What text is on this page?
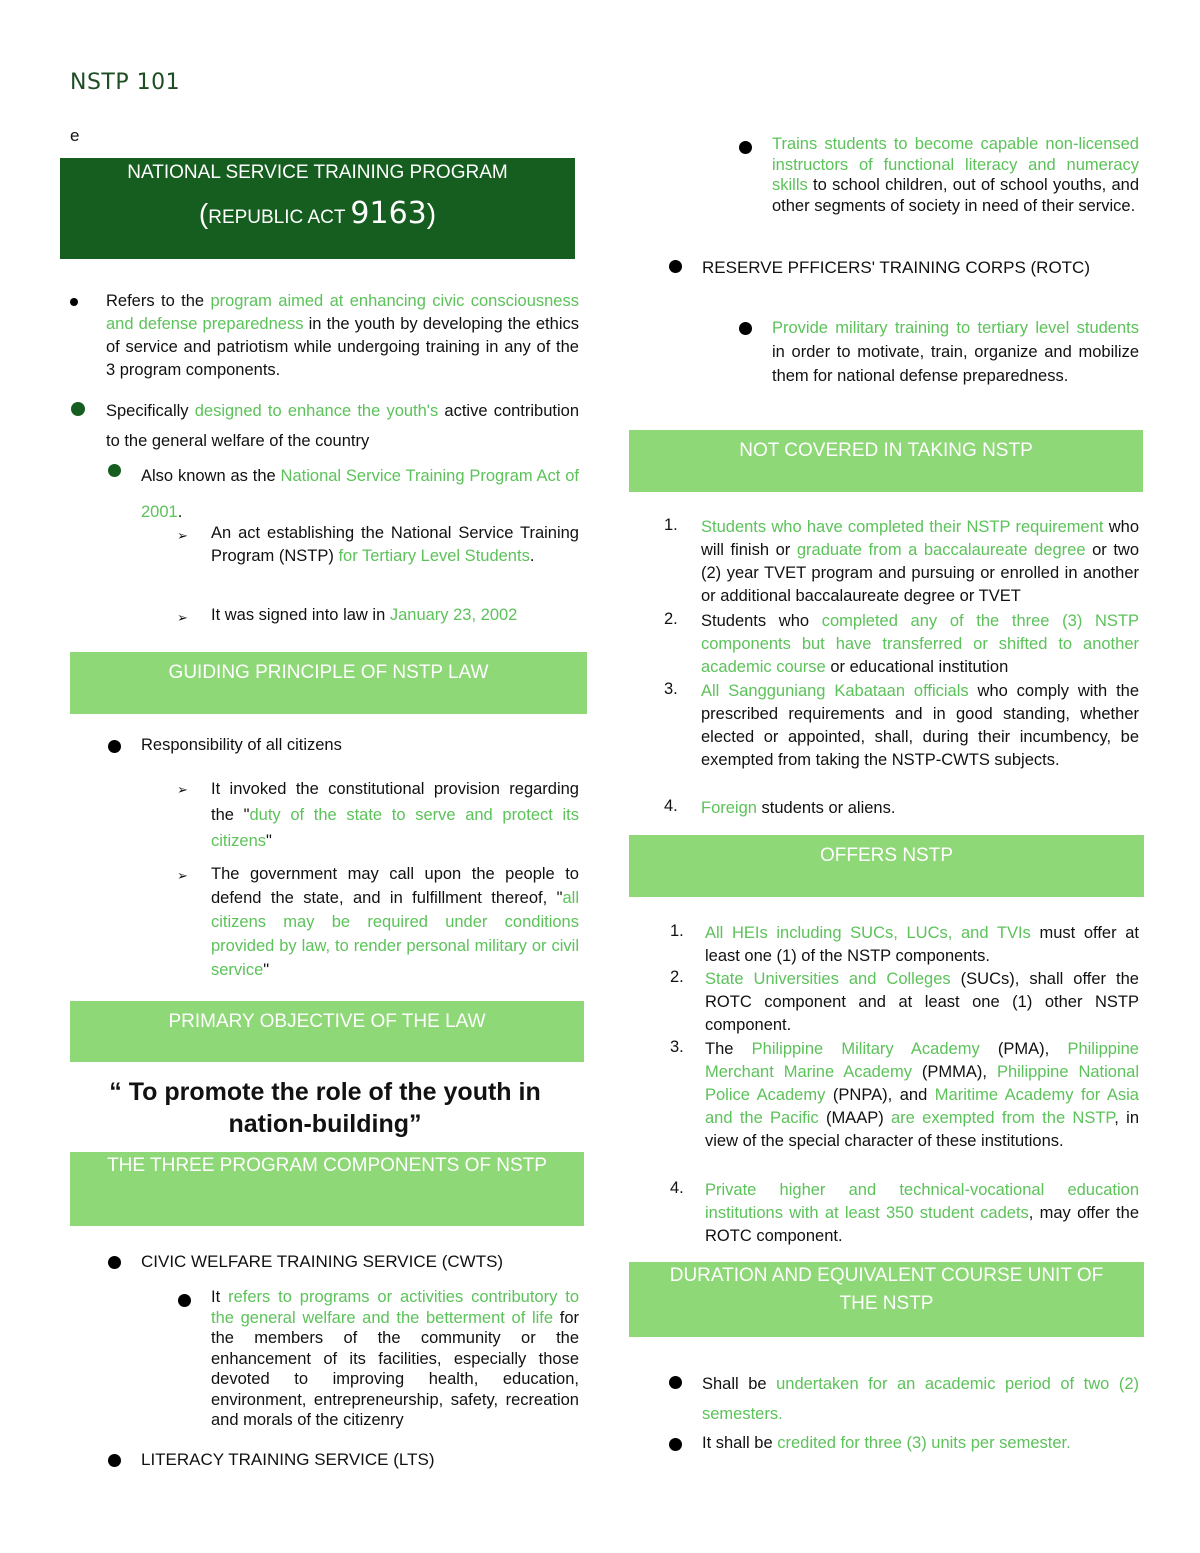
NSTP 101
e
NATIONAL SERVICE TRAINING PROGRAM
(REPUBLIC ACT 9163)
Refers to the program aimed at enhancing civic consciousness and defense preparedness in the youth by developing the ethics of service and patriotism while undergoing training in any of the 3 program components.
Specifically designed to enhance the youth's active contribution to the general welfare of the country
Also known as the National Service Training Program Act of 2001.
➢ An act establishing the National Service Training Program (NSTP) for Tertiary Level Students.
➢ It was signed into law in January 23, 2002
GUIDING PRINCIPLE OF NSTP LAW
Responsibility of all citizens
➢ It invoked the constitutional provision regarding the "duty of the state to serve and protect its citizens"
➢ The government may call upon the people to defend the state, and in fulfillment thereof, "all citizens may be required under conditions provided by law, to render personal military or civil service"
PRIMARY OBJECTIVE OF THE LAW
“ To promote the role of the youth in nation-building”
THE THREE PROGRAM COMPONENTS OF NSTP
CIVIC WELFARE TRAINING SERVICE (CWTS)
It refers to programs or activities contributory to the general welfare and the betterment of life for the members of the community or the enhancement of its facilities, especially those devoted to improving health, education, environment, entrepreneurship, safety, recreation and morals of the citizenry
LITERACY TRAINING SERVICE (LTS)
Trains students to become capable non-licensed instructors of functional literacy and numeracy skills to school children, out of school youths, and other segments of society in need of their service.
RESERVE PFFICERS' TRAINING CORPS (ROTC)
Provide military training to tertiary level students in order to motivate, train, organize and mobilize them for national defense preparedness.
NOT COVERED IN TAKING NSTP
1. Students who have completed their NSTP requirement who will finish or graduate from a baccalaureate degree or two (2) year TVET program and pursuing or enrolled in another or additional baccalaureate degree or TVET
2. Students who completed any of the three (3) NSTP components but have transferred or shifted to another academic course or educational institution
3. All Sangguniang Kabataan officials who comply with the prescribed requirements and in good standing, whether elected or appointed, shall, during their incumbency, be exempted from taking the NSTP-CWTS subjects.
4. Foreign students or aliens.
OFFERS NSTP
1. All HEIs including SUCs, LUCs, and TVIs must offer at least one (1) of the NSTP components.
2. State Universities and Colleges (SUCs), shall offer the ROTC component and at least one (1) other NSTP component.
3. The Philippine Military Academy (PMA), Philippine Merchant Marine Academy (PMMA), Philippine National Police Academy (PNPA), and Maritime Academy for Asia and the Pacific (MAAP) are exempted from the NSTP, in view of the special character of these institutions.
4. Private higher and technical-vocational education institutions with at least 350 student cadets, may offer the ROTC component.
DURATION AND EQUIVALENT COURSE UNIT OF THE NSTP
Shall be undertaken for an academic period of two (2) semesters.
It shall be credited for three (3) units per semester.
